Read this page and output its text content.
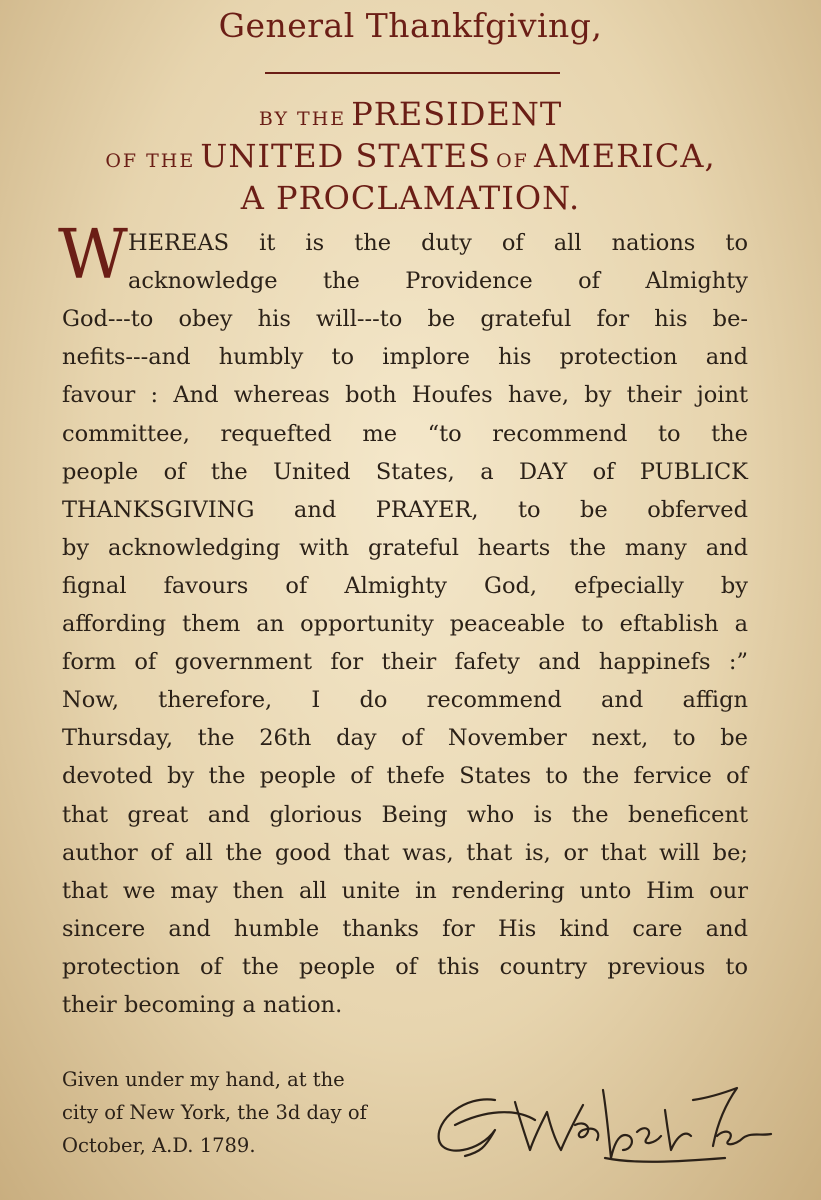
General Thankfgiving,
BY THE PRESIDENT
OF THE UNITED STATES OF AMERICA,
A PROCLAMATION.
W HEREAS it is the duty of all nations to
acknowledge the Providence of Almighty
God---to obey his will---to be grateful for his be-
nefits---and humbly to implore his protection and
favour : And whereas both Houfes have, by their joint
committee, requefted me “to recommend to the
people of the United States, a DAY of PUBLICK
THANKSGIVING and PRAYER, to be obferved
by acknowledging with grateful hearts the many and
fignal favours of Almighty God, efpecially by
affording them an opportunity peaceable to eftablish a
form of government for their fafety and happinefs :”
Now, therefore, I do recommend and affign
Thursday, the 26th day of November next, to be
devoted by the people of thefe States to the fervice of
that great and glorious Being who is the beneficent
author of all the good that was, that is, or that will be;
that we may then all unite in rendering unto Him our
sincere and humble thanks for His kind care and
protection of the people of this country previous to
their becoming a nation.
Given under my hand, at the
city of New York, the 3d day of
October, A.D. 1789.
